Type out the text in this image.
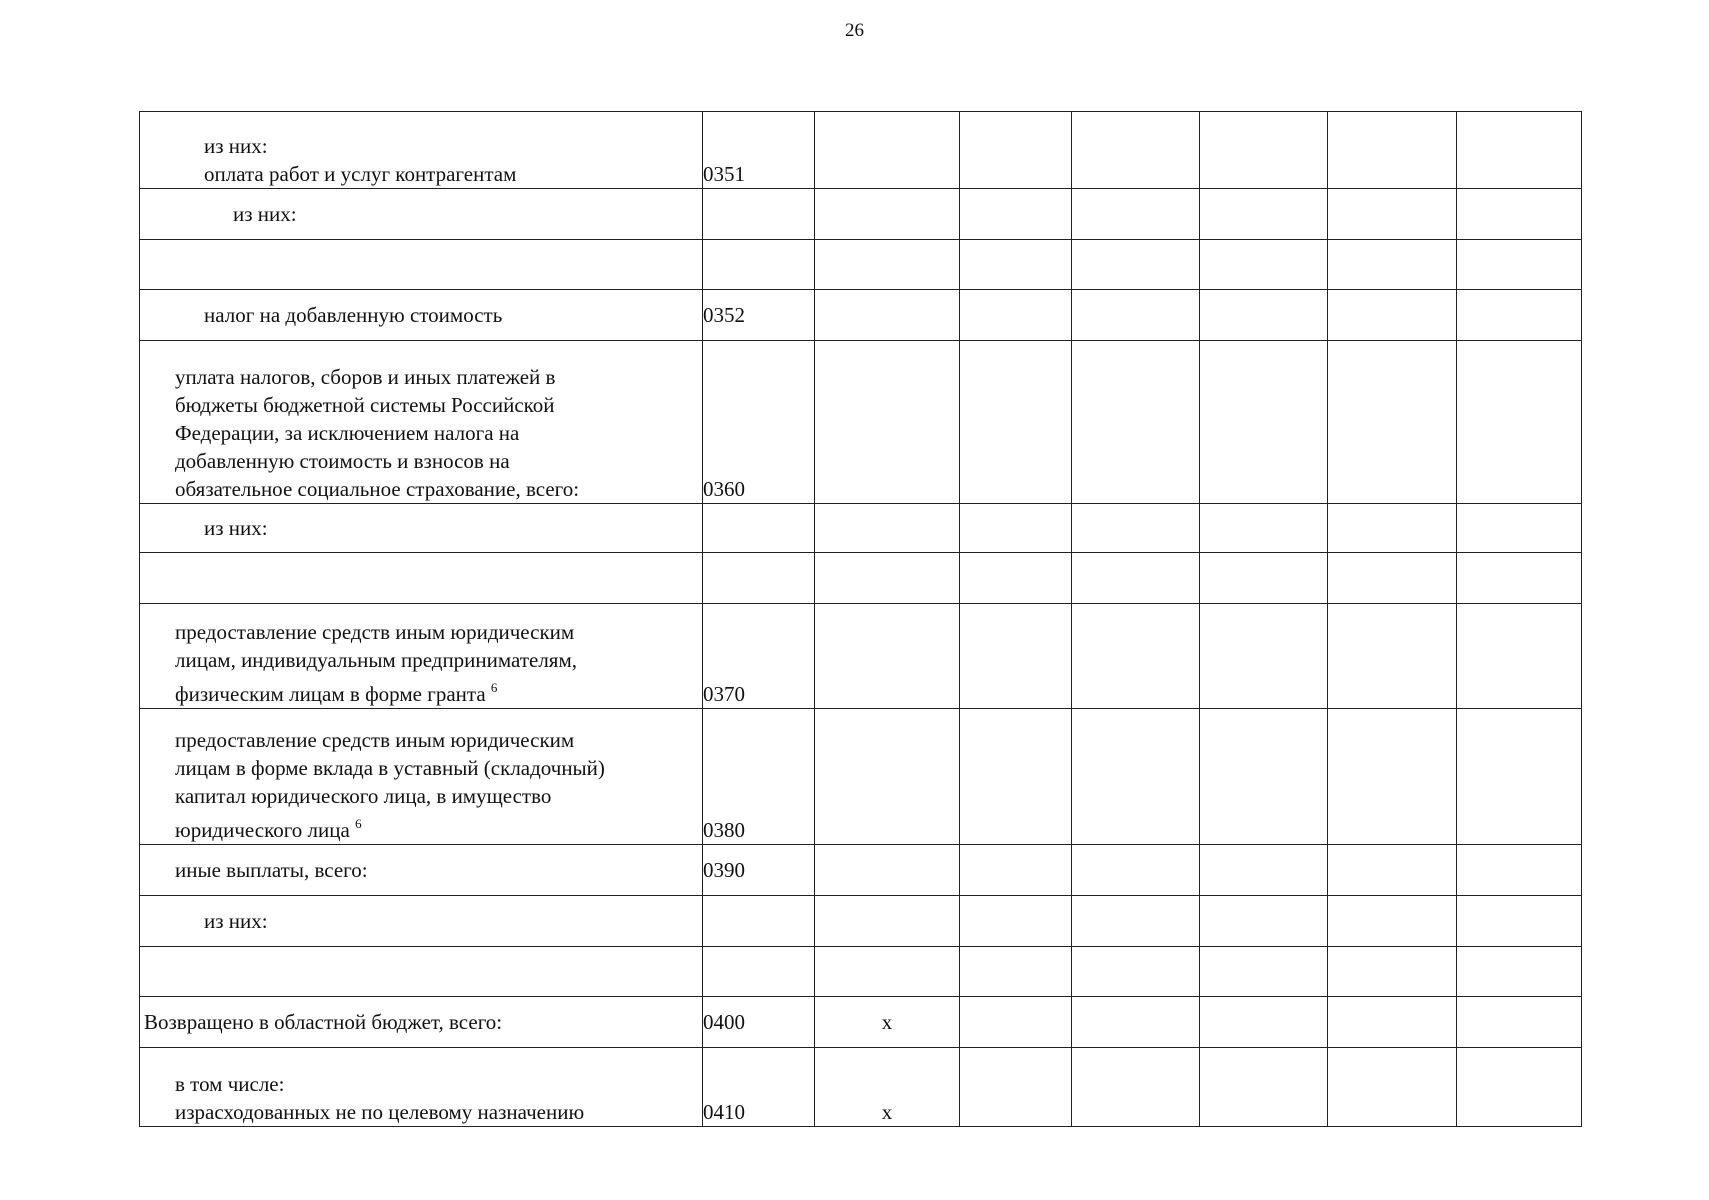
26
из них:
оплата работ и услуг контрагентам	0351						

из них:							

налог на добавленную стоимость	0352						

уплата налогов, сборов и иных платежей в
бюджеты бюджетной системы Российской
Федерации, за исключением налога на
добавленную стоимость и взносов на
обязательное социальное страхование, всего:	0360						

из них:							

предоставление средств иным юридическим
лицам, индивидуальным предпринимателям,
физическим лицам в форме гранта $^6$	0370						

предоставление средств иным юридическим
лицам в форме вклада в уставный (складочный)
капитал юридического лица, в имущество
юридического лица $^6$	0380						

иные выплаты, всего:	0390						

из них:							

Возвращено в областной бюджет, всего:	0400	х					

в том числе:
израсходованных не по целевому назначению	0410	х					
